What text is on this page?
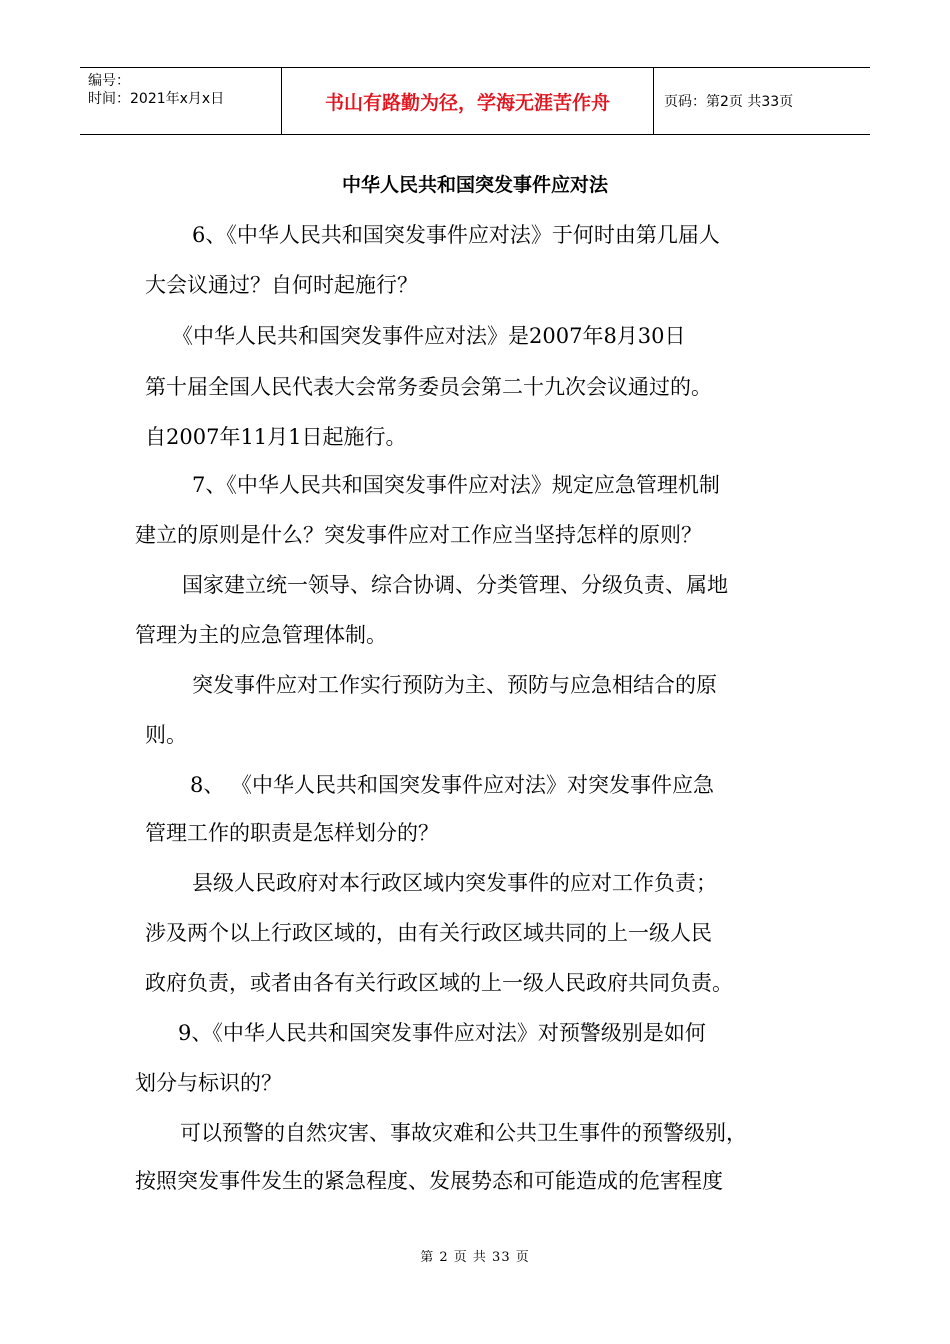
编号：
时间：2021年x月x日	书山有路勤为径，学海无涯苦作舟	页码：第2页 共33页
中华人民共和国突发事件应对法
6、《中华人民共和国突发事件应对法》于何时由第几届人
大会议通过？自何时起施行？
《中华人民共和国突发事件应对法》是2007年8月30日
第十届全国人民代表大会常务委员会第二十九次会议通过的。
自2007年11月1日起施行。
7、《中华人民共和国突发事件应对法》规定应急管理机制
建立的原则是什么？突发事件应对工作应当坚持怎样的原则？
国家建立统一领导、综合协调、分类管理、分级负责、属地
管理为主的应急管理体制。
突发事件应对工作实行预防为主、预防与应急相结合的原
则。
8、 《中华人民共和国突发事件应对法》对突发事件应急
管理工作的职责是怎样划分的？
县级人民政府对本行政区域内突发事件的应对工作负责；
涉及两个以上行政区域的，由有关行政区域共同的上一级人民
政府负责，或者由各有关行政区域的上一级人民政府共同负责。
9、《中华人民共和国突发事件应对法》对预警级别是如何
划分与标识的？
可以预警的自然灾害、事故灾难和公共卫生事件的预警级别，
按照突发事件发生的紧急程度、发展势态和可能造成的危害程度
第 2 页 共 33 页
